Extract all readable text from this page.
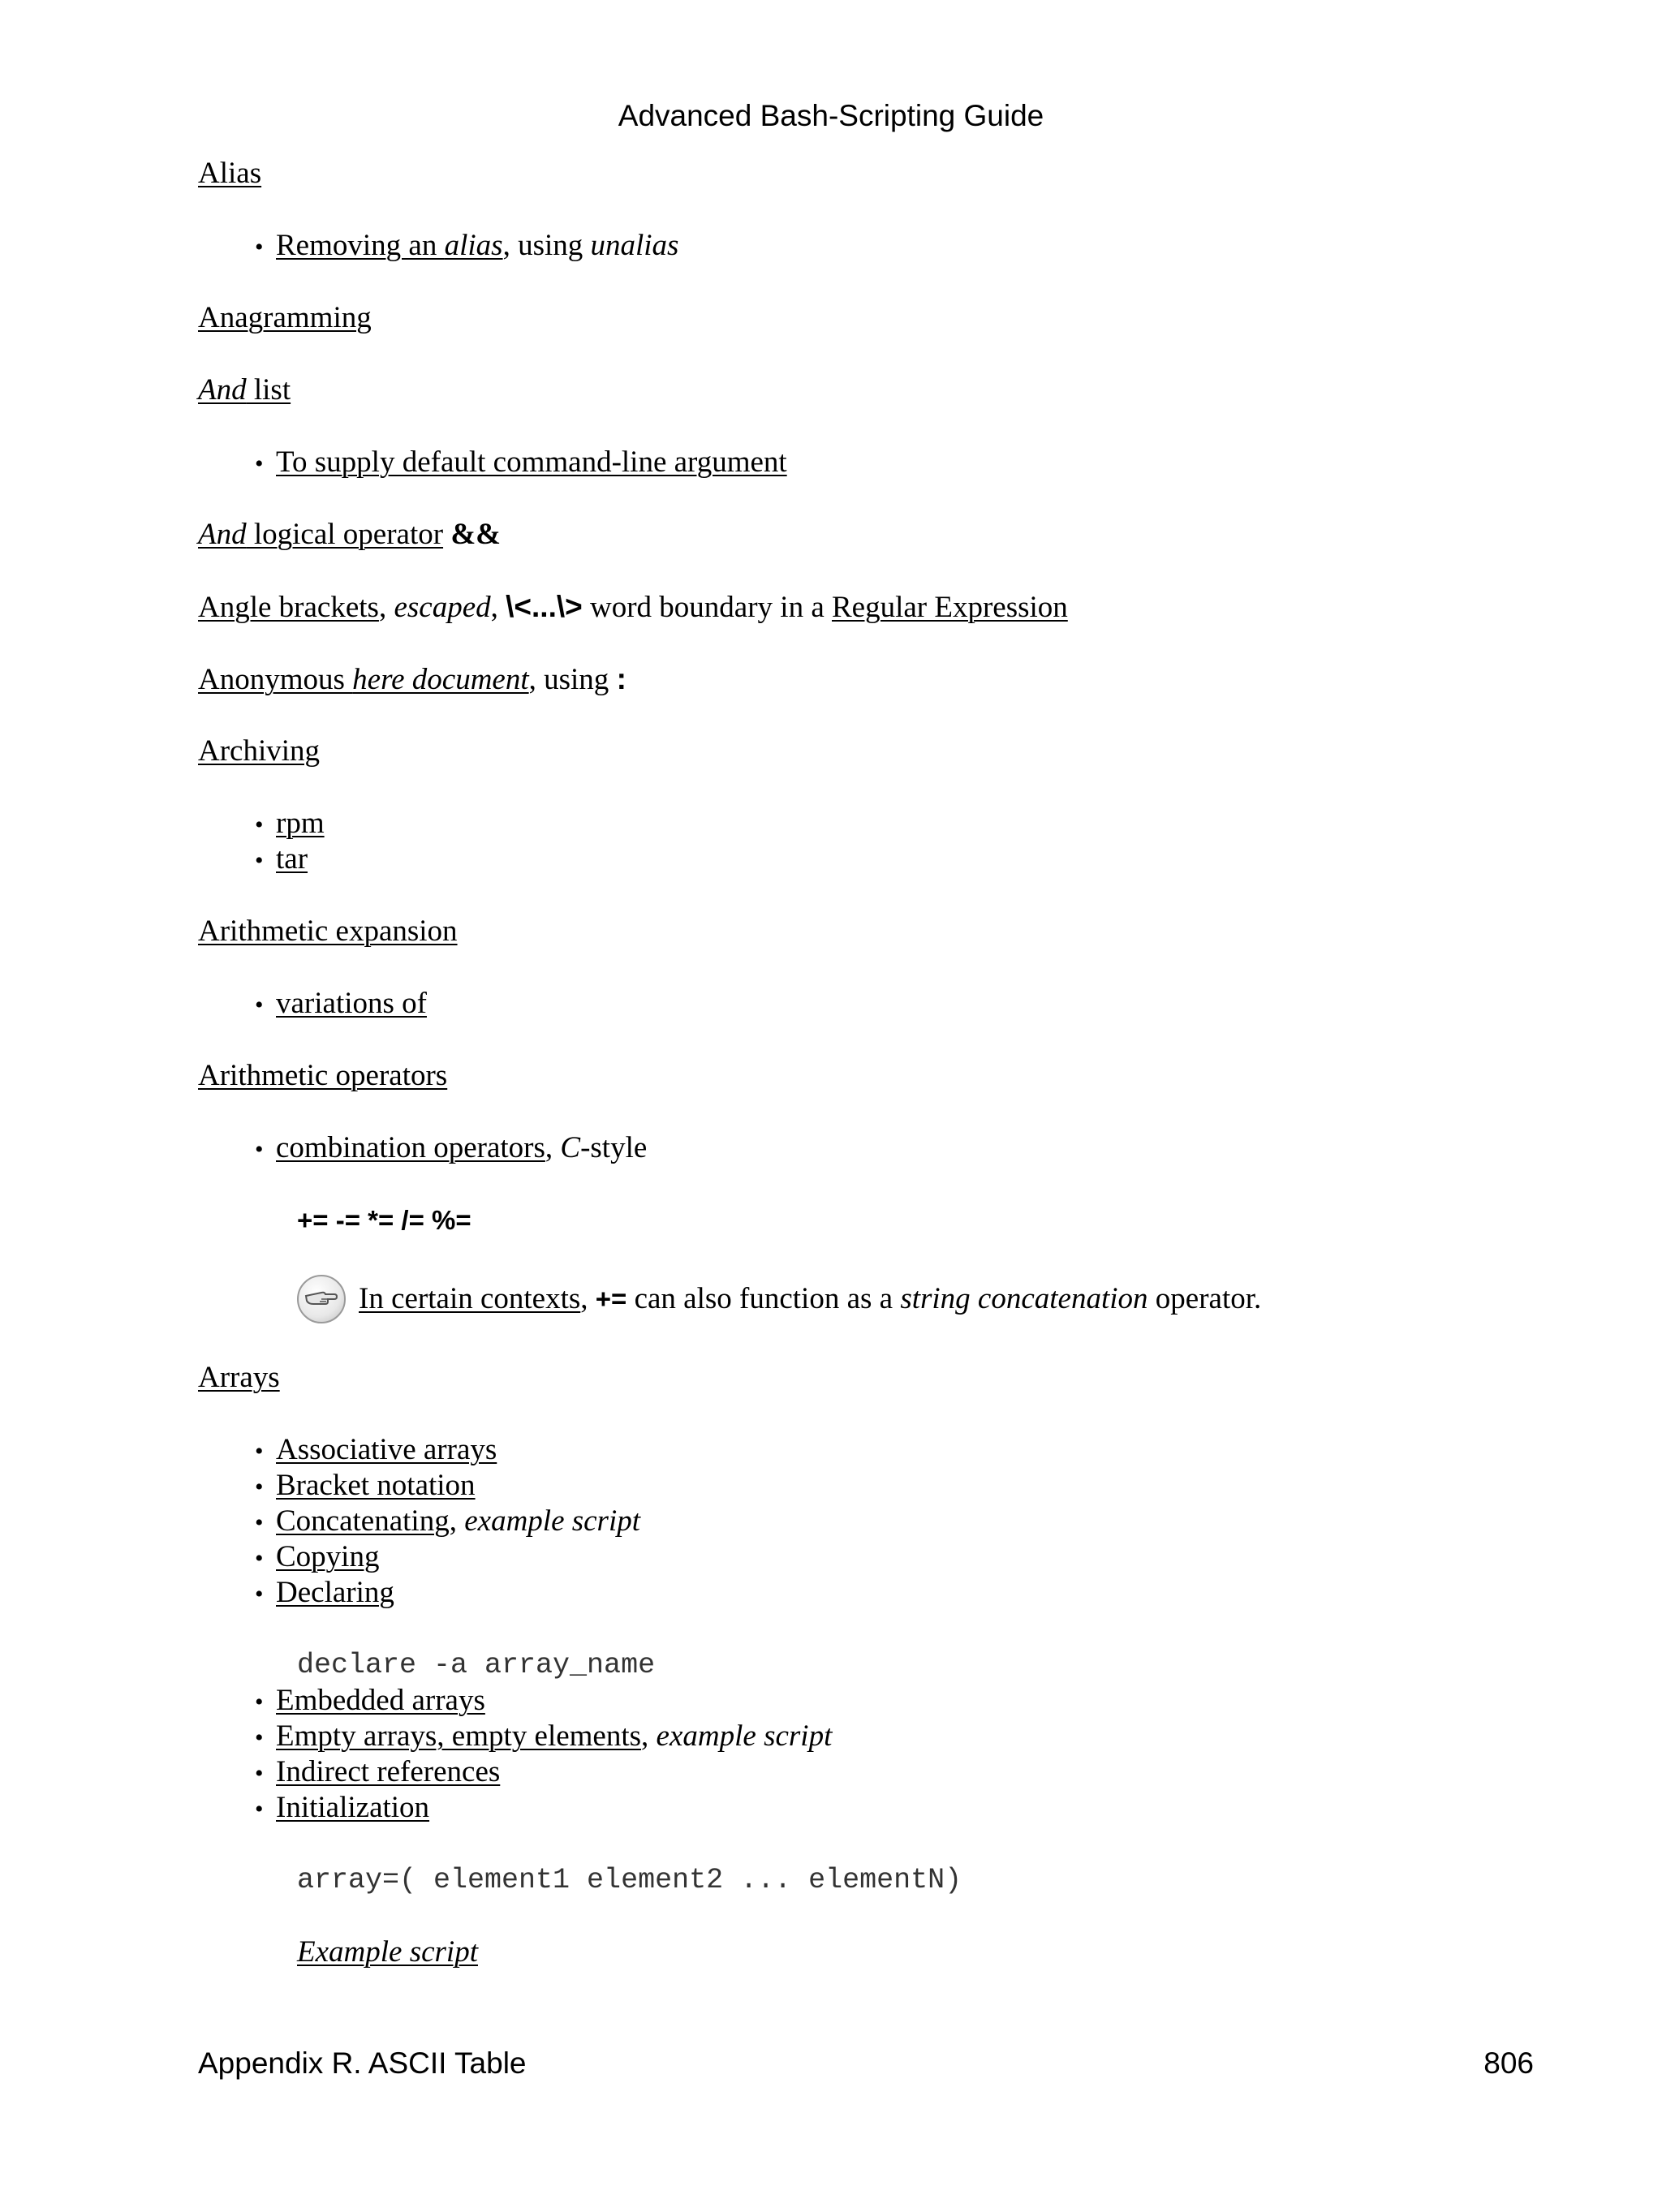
Advanced Bash-Scripting Guide
Alias
• Removing an alias, using unalias
Anagramming
And list
• To supply default command-line argument
And logical operator &&
Angle brackets, escaped, \<...\> word boundary in a Regular Expression
Anonymous here document, using :
Archiving
• rpm
• tar
Arithmetic expansion
• variations of
Arithmetic operators
• combination operators, C-style
+= -= *= /= %=
In certain contexts, += can also function as a string concatenation operator.
Arrays
• Associative arrays
• Bracket notation
• Concatenating, example script
• Copying
• Declaring
declare -a array_name
• Embedded arrays
• Empty arrays, empty elements, example script
• Indirect references
• Initialization
array=( element1 element2 ... elementN)
Example script
Appendix R. ASCII Table	806
